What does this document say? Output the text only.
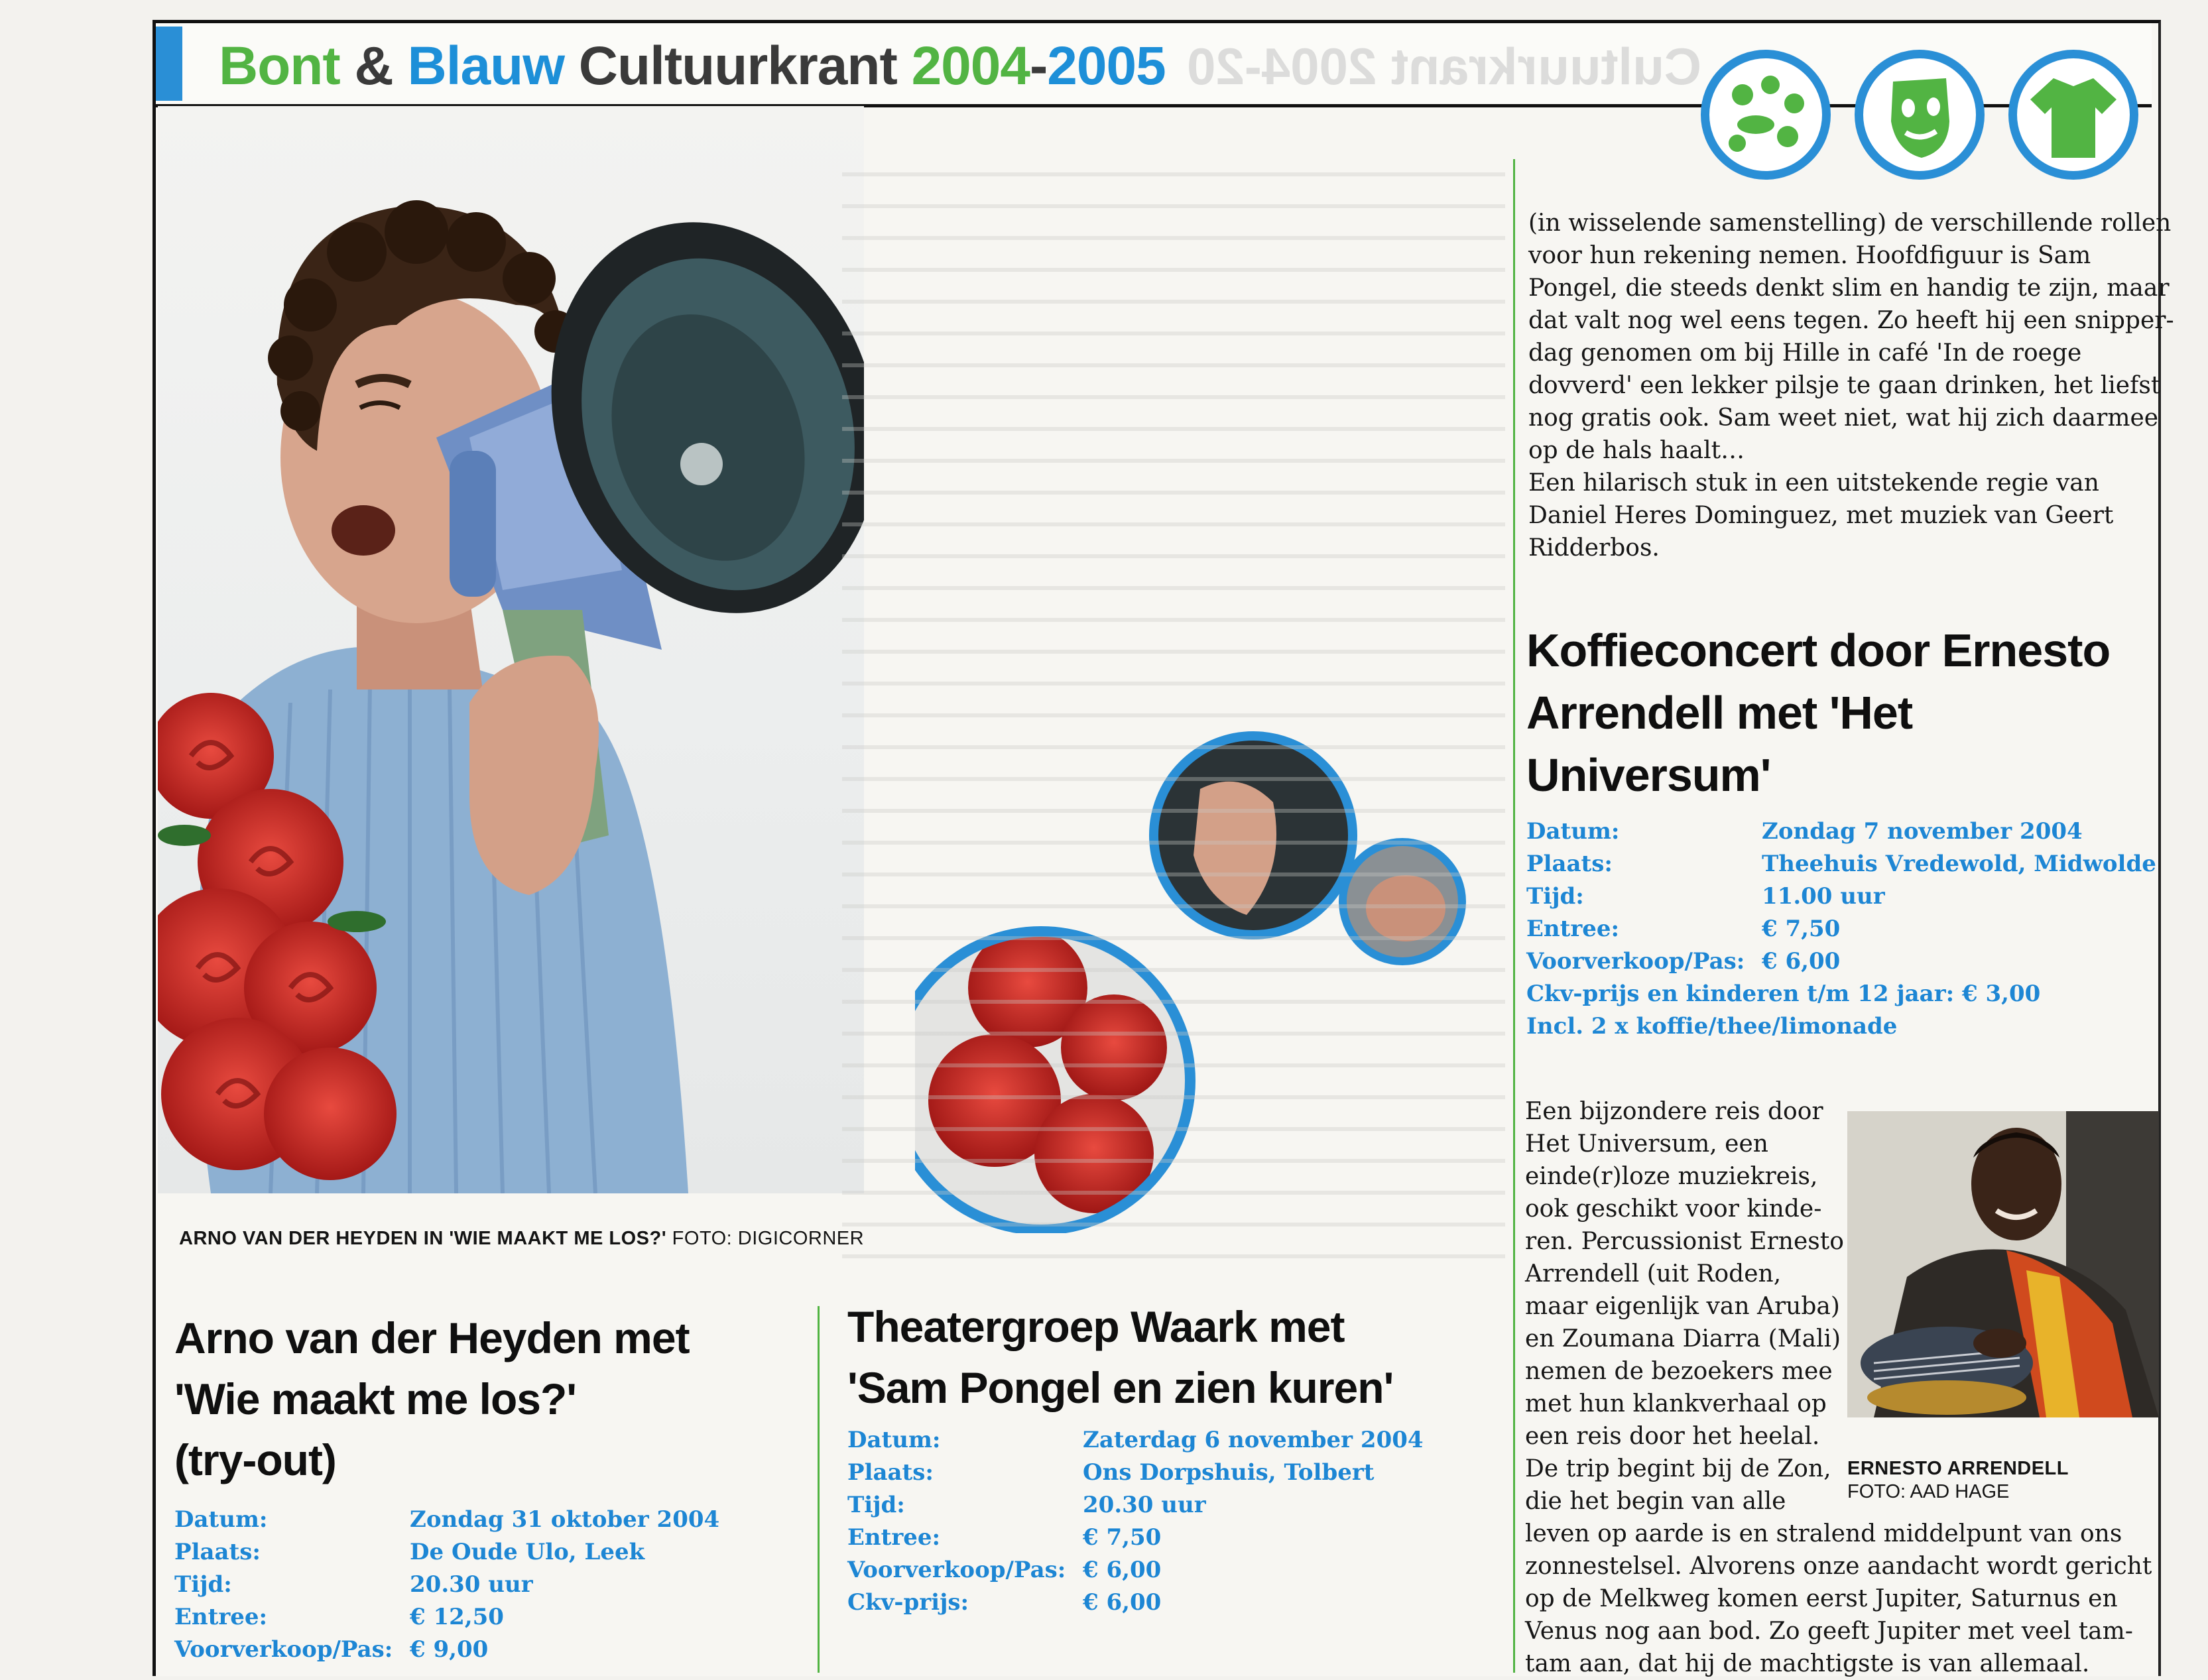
Cultuurkrant 2004-20
Bont & Blauw Cultuurkrant 2004-2005
ARNO VAN DER HEYDEN IN 'WIE MAAKT ME LOS?' FOTO: DIGICORNER
Arno van der Heyden met
'Wie maakt me los?'
(try-out)
Datum:	Zondag 31 oktober 2004
Plaats:	De Oude Ulo, Leek
Tijd:	20.30 uur
Entree:	€ 12,50
Voorverkoop/Pas: € 9,00
Theatergroep Waark met
'Sam Pongel en zien kuren'
Datum:	Zaterdag 6 november 2004
Plaats:	Ons Dorpshuis, Tolbert
Tijd:	20.30 uur
Entree:	€ 7,50
Voorverkoop/Pas: € 6,00
Ckv-prijs:	€ 6,00
(in wisselende samenstelling) de verschillende rollen
voor hun rekening nemen. Hoofdfiguur is Sam
Pongel, die steeds denkt slim en handig te zijn, maar
dat valt nog wel eens tegen. Zo heeft hij een snipper-
dag genomen om bij Hille in café 'In de roege
dovverd' een lekker pilsje te gaan drinken, het liefst
nog gratis ook. Sam weet niet, wat hij zich daarmee
op de hals haalt…
Een hilarisch stuk in een uitstekende regie van
Daniel Heres Dominguez, met muziek van Geert
Ridderbos.
Koffieconcert door Ernesto
Arrendell met 'Het
Universum'
Datum:	Zondag 7 november 2004
Plaats:	Theehuis Vredewold, Midwolde
Tijd:	11.00 uur
Entree:	€ 7,50
Voorverkoop/Pas: € 6,00
Ckv-prijs en kinderen t/m 12 jaar: € 3,00
Incl. 2 x koffie/thee/limonade
Een bijzondere reis door
Het Universum, een
einde(r)loze muziekreis,
ook geschikt voor kinde-
ren. Percussionist Ernesto
Arrendell (uit Roden,
maar eigenlijk van Aruba)
en Zoumana Diarra (Mali)
nemen de bezoekers mee
met hun klankverhaal op
een reis door het heelal.
De trip begint bij de Zon,
die het begin van alle
leven op aarde is en stralend middelpunt van ons
zonnestelsel. Alvorens onze aandacht wordt gericht
op de Melkweg komen eerst Jupiter, Saturnus en
Venus nog aan bod. Zo geeft Jupiter met veel tam-
tam aan, dat hij de machtigste is van allemaal.
ERNESTO ARRENDELL
FOTO: AAD HAGE
